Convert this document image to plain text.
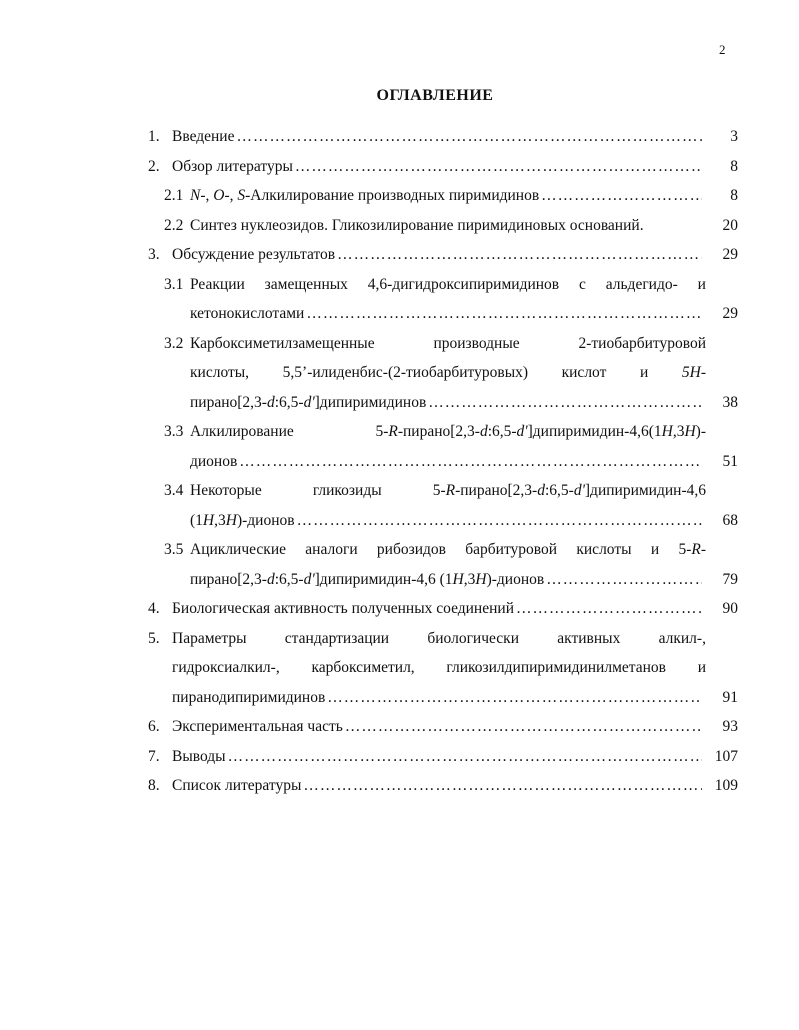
2
ОГЛАВЛЕНИЕ
1. Введение ………………………………………………………………………………………………………………………………………………	3
2. Обзор литературы ………………………………………………………………………………………………………………………………………………	8
2.1 N-, O-, S-Алкилирование производных пиримидинов ………………………………………………………………………………………………………………………………………………	8
2.2 Синтез нуклеозидов. Гликозилирование пиримидиновых оснований.	20
3. Обсуждение результатов ………………………………………………………………………………………………………………………………………………	29
3.1 Реакции замещенных 4,6-дигидроксипиримидинов с альдегидо- и
кетонокислотами ………………………………………………………………………………………………………………………………………………	29
3.2 Карбоксиметилзамещенные	производные	2-тиобарбитуровой
кислоты, 5,5’-илиденбис-(2-тиобарбитуровых) кислот и 5H-
пирано[2,3-d:6,5-d']дипиримидинов ………………………………………………………………………………………………………………………………………………	38
3.3 Алкилирование	5-R-пирано[2,3-d:6,5-d']дипиримидин-4,6(1H,3H)-
дионов ………………………………………………………………………………………………………………………………………………	51
3.4 Некоторые	гликозиды	5-R-пирано[2,3-d:6,5-d']дипиримидин-4,6
(1H,3H)-дионов ………………………………………………………………………………………………………………………………………………	68
3.5 Ациклические аналоги рибозидов барбитуровой кислоты и 5-R-
пирано[2,3-d:6,5-d']дипиримидин-4,6 (1H,3H)-дионов ………………………………………………………………………………………………………………………………………………	79
4. Биологическая активность полученных соединений ………………………………………………………………………………………………………………………………………………	90
5. Параметры стандартизации биологически активных алкил-,
гидроксиалкил-, карбоксиметил, гликозилдипиримидинилметанов и
пиранодипиримидинов ………………………………………………………………………………………………………………………………………………	91
6. Экспериментальная часть ………………………………………………………………………………………………………………………………………………	93
7. Выводы ………………………………………………………………………………………………………………………………………………	107
8. Список литературы ………………………………………………………………………………………………………………………………………………	109
